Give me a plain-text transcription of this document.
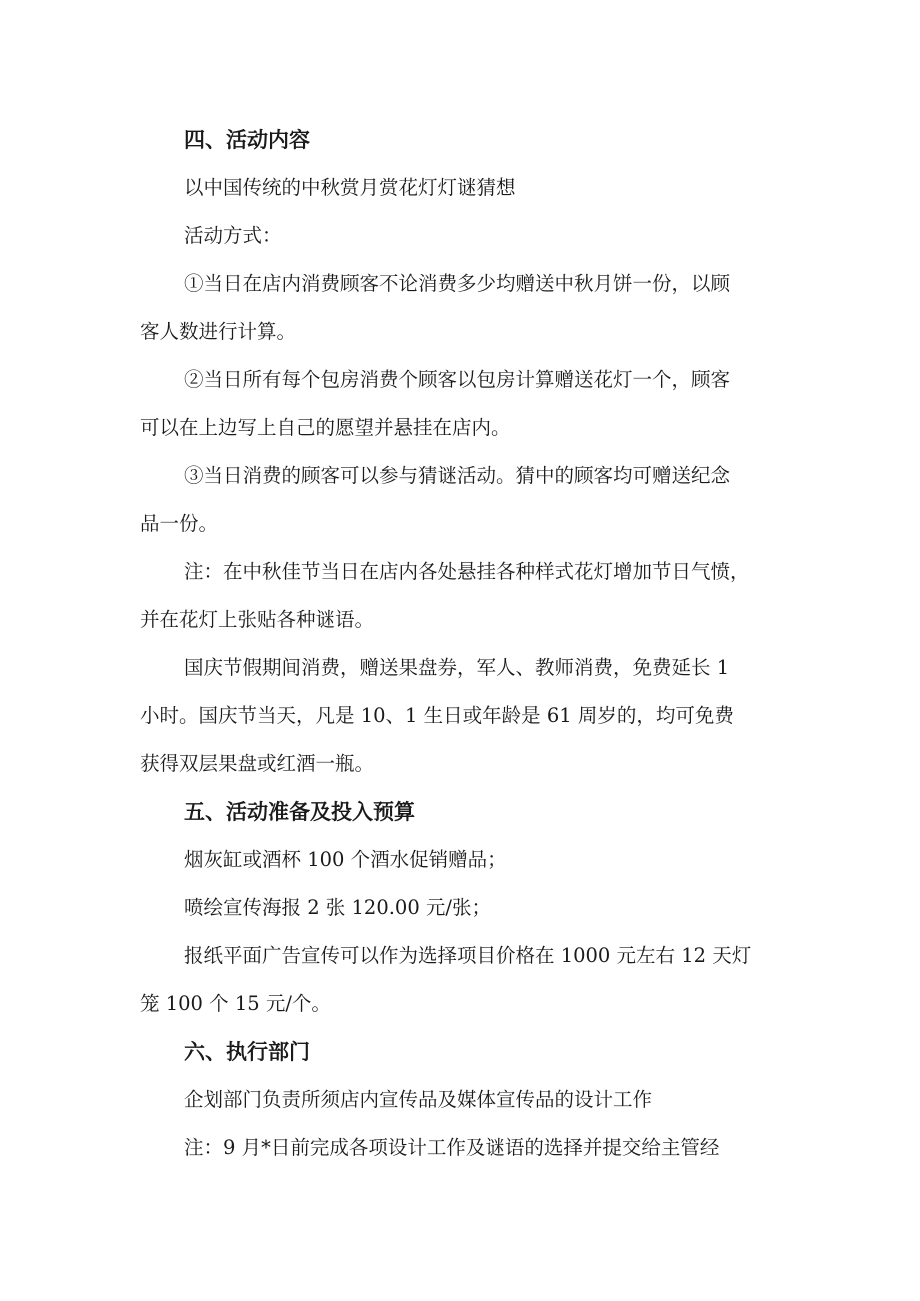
四、活动内容
以中国传统的中秋赏月赏花灯灯谜猜想
活动方式：
①当日在店内消费顾客不论消费多少均赠送中秋月饼一份，以顾
客人数进行计算。
②当日所有每个包房消费个顾客以包房计算赠送花灯一个，顾客
可以在上边写上自己的愿望并悬挂在店内。
③当日消费的顾客可以参与猜谜活动。猜中的顾客均可赠送纪念
品一份。
注：在中秋佳节当日在店内各处悬挂各种样式花灯增加节日气愤，
并在花灯上张贴各种谜语。
国庆节假期间消费，赠送果盘券，军人、教师消费，免费延长 1
小时。国庆节当天，凡是 10、1 生日或年龄是 61 周岁的，均可免费
获得双层果盘或红酒一瓶。
五、活动准备及投入预算
烟灰缸或酒杯 100 个酒水促销赠品；
喷绘宣传海报 2 张 120.00 元/张；
报纸平面广告宣传可以作为选择项目价格在 1000 元左右 12 天灯
笼 100 个 15 元/个。
六、执行部门
企划部门负责所须店内宣传品及媒体宣传品的设计工作
注：9 月*日前完成各项设计工作及谜语的选择并提交给主管经
